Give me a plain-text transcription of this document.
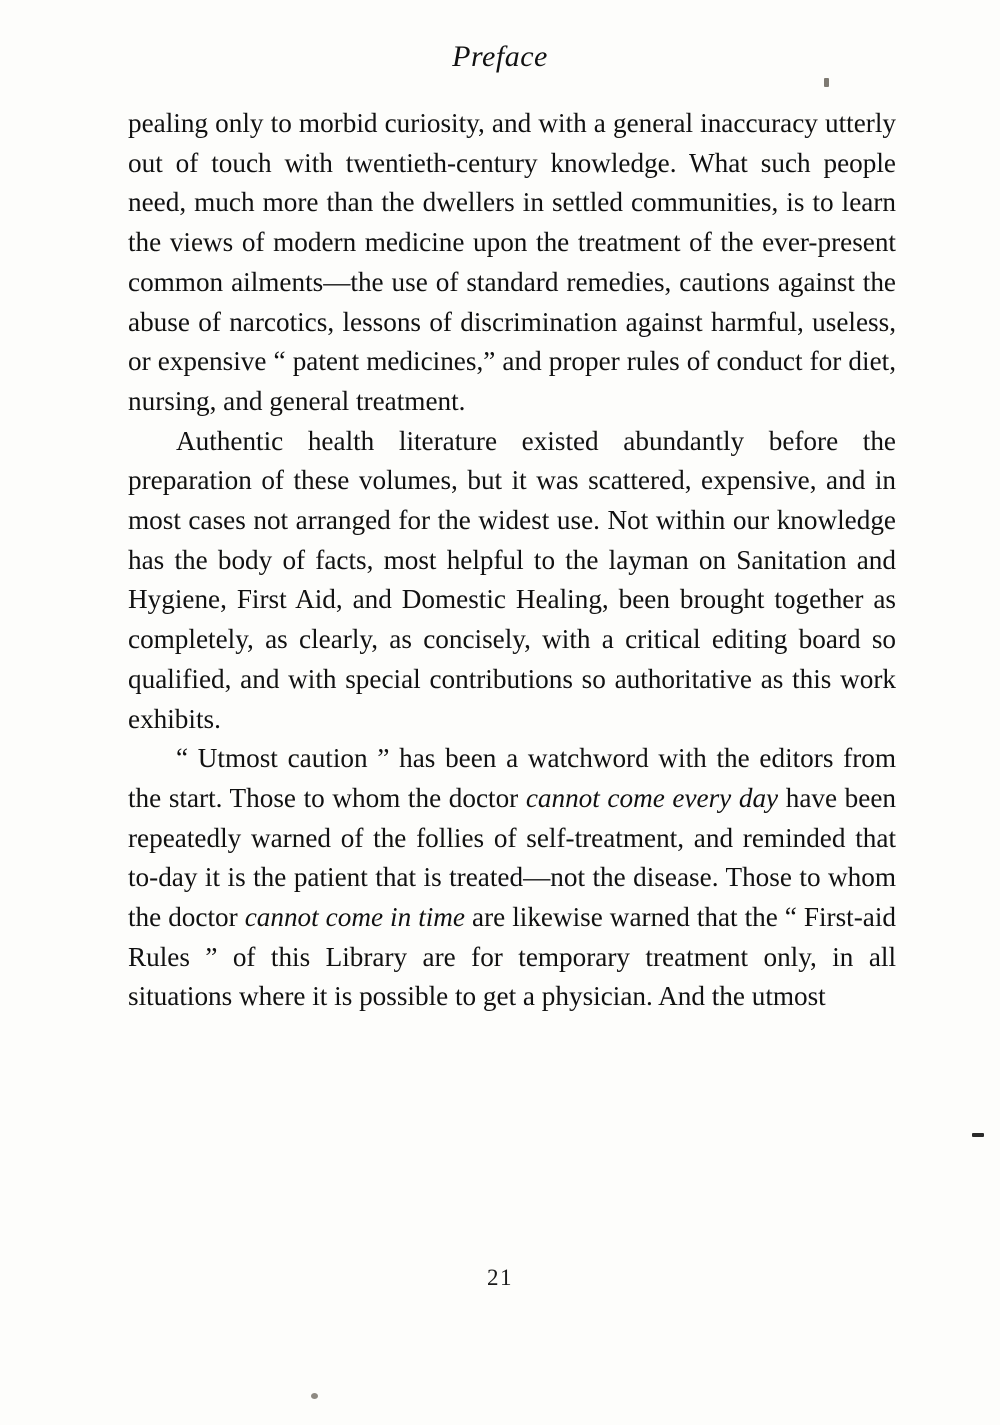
Preface

pealing only to morbid curiosity, and with a general inaccuracy utterly out of touch with twentieth-century knowledge. What such people need, much more than the dwellers in settled communities, is to learn the views of modern medicine upon the treatment of the ever-present common ailments—the use of standard remedies, cautions against the abuse of narcotics, lessons of discrimination against harmful, useless, or expensive “ patent medicines,” and proper rules of conduct for diet, nursing, and general treatment.

Authentic health literature existed abundantly before the preparation of these volumes, but it was scattered, expensive, and in most cases not arranged for the widest use. Not within our knowledge has the body of facts, most helpful to the layman on Sanitation and Hygiene, First Aid, and Domestic Healing, been brought together as completely, as clearly, as concisely, with a critical editing board so qualified, and with special contributions so authoritative as this work exhibits.

“ Utmost caution ” has been a watchword with the editors from the start. Those to whom the doctor cannot come every day have been repeatedly warned of the follies of self-treatment, and reminded that to-day it is the patient that is treated—not the disease. Those to whom the doctor cannot come in time are likewise warned that the “ First-aid Rules ” of this Library are for temporary treatment only, in all situations where it is possible to get a physician. And the utmost

21
